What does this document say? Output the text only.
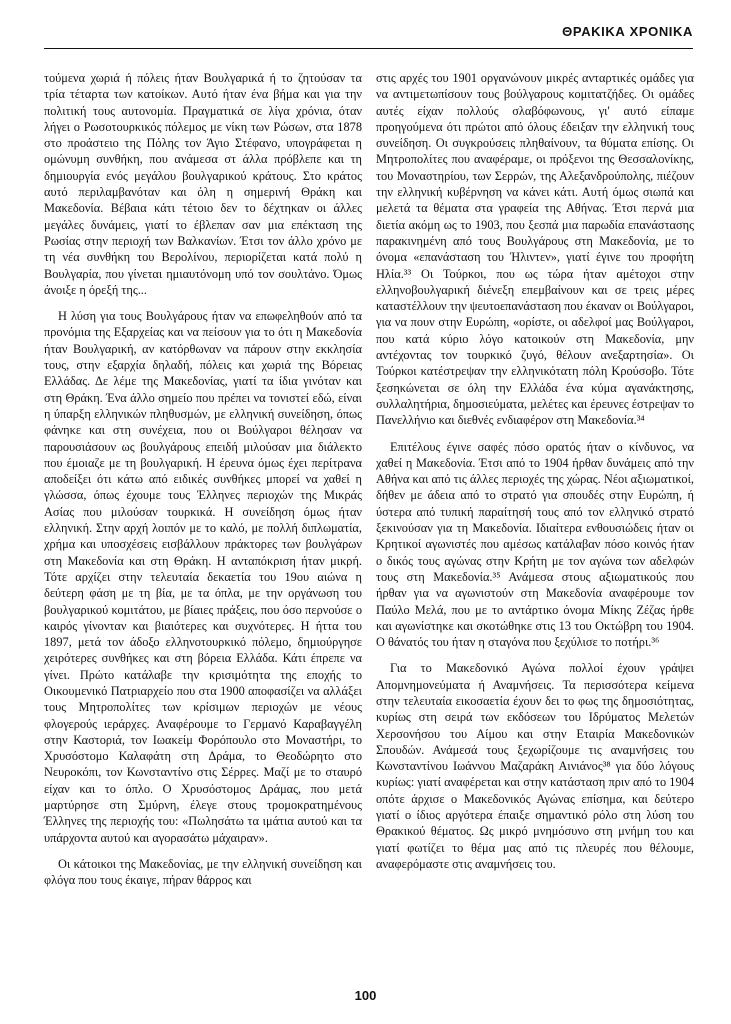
ΘΡΑΚΙΚΑ ΧΡΟΝΙΚΑ

τούμενα χωριά ή πόλεις ήταν Βουλγαρικά ή το ζητούσαν τα τρία τέταρτα των κατοίκων. Αυτό ήταν ένα βήμα και για την πολιτική τους αυτονομία. Πραγματικά σε λίγα χρόνια, όταν λήγει ο Ρωσοτουρκικός πόλεμος με νίκη των Ρώσων, στα 1878 στο προάστειο της Πόλης τον Άγιο Στέφανο, υπογράφεται η ομώνυμη συνθήκη, που ανάμεσα στ άλλα πρόβλεπε και τη δημιουργία ενός μεγάλου βουλγαρικού κράτους. Στο κράτος αυτό περιλαμβανόταν και όλη η σημερινή Θράκη και Μακεδονία. Βέβαια κάτι τέτοιο δεν το δέχτηκαν οι άλλες μεγάλες δυνάμεις, γιατί το έβλεπαν σαν μια επέκταση της Ρωσίας στην περιοχή των Βαλκανίων. Έτσι τον άλλο χρόνο με τη νέα συνθήκη του Βερολίνου, περιορίζεται κατά πολύ η Βουλγαρία, που γίνεται ημιαυτόνομη υπό τον σουλτάνο. Όμως άνοιξε η όρεξή της...

Η λύση για τους Βουλγάρους ήταν να επωφεληθούν από τα προνόμια της Εξαρχείας και να πείσουν για το ότι η Μακεδονία ήταν Βουλγαρική, αν κατόρθωναν να πάρουν στην εκκλησία τους, στην εξαρχία δηλαδή, πόλεις και χωριά της Βόρειας Ελλάδας. Δε λέμε της Μακεδονίας, γιατί τα ίδια γινόταν και στη Θράκη. Ένα άλλο σημείο που πρέπει να τονιστεί εδώ, είναι η ύπαρξη ελληνικών πληθυσμών, με ελληνική συνείδηση, όπως φάνηκε και στη συνέχεια, που οι Βούλγαροι θέλησαν να παρουσιάσουν ως βουλγάρους επειδή μιλούσαν μια διάλεκτο που έμοιαζε με τη βουλγαρική. Η έρευνα όμως έχει περίτρανα αποδείξει ότι κάτω από ειδικές συνθήκες μπορεί να χαθεί η γλώσσα, όπως έχουμε τους Έλληνες περιοχών της Μικράς Ασίας που μιλούσαν τουρκικά. Η συνείδηση όμως ήταν ελληνική. Στην αρχή λοιπόν με το καλό, με πολλή διπλωματία, χρήμα και υποσχέσεις εισβάλλουν πράκτορες των βουλγάρων στη Μακεδονία και στη Θράκη. Η ανταπόκριση ήταν μικρή. Τότε αρχίζει στην τελευταία δεκαετία του 19ου αιώνα η δεύτερη φάση με τη βία, με τα όπλα, με την οργάνωση του βουλγαρικού κομιτάτου, με βίαιες πράξεις, που όσο περνούσε ο καιρός γίνονταν και βιαιότερες και συχνότερες. Η ήττα του 1897, μετά τον άδοξο ελληνοτουρκικό πόλεμο, δημιούργησε χειρότερες συνθήκες και στη βόρεια Ελλάδα. Κάτι έπρεπε να γίνει. Πρώτο κατάλαβε την κρισιμότητα της εποχής το Οικουμενικό Πατριαρχείο που στα 1900 αποφασίζει να αλλάξει τους Μητροπολίτες των κρίσιμων περιοχών με νέους φλογερούς ιεράρχες. Αναφέρουμε το Γερμανό Καραβαγγέλη στην Καστοριά, τον Ιωακείμ Φορόπουλο στο Μοναστήρι, το Χρυσόστομο Καλαφάτη στη Δράμα, το Θεοδώρητο στο Νευροκόπι, τον Κωνσταντίνο στις Σέρρες. Μαζί με το σταυρό είχαν και το όπλο. Ο Χρυσόστομος Δράμας, που μετά μαρτύρησε στη Σμύρνη, έλεγε στους τρομοκρατημένους Έλληνες της περιοχής του: «Πωλησάτω τα ιμάτια αυτού και τα υπάρχοντα αυτού και αγορασάτω μάχαιραν».

Οι κάτοικοι της Μακεδονίας, με την ελληνική συνείδηση και φλόγα που τους έκαιγε, πήραν θάρρος και

στις αρχές του 1901 οργανώνουν μικρές ανταρτικές ομάδες για να αντιμετωπίσουν τους βούλγαρους κομιτατζήδες. Οι ομάδες αυτές είχαν πολλούς σλαβόφωνους, γι' αυτό είπαμε προηγούμενα ότι πρώτοι από όλους έδειξαν την ελληνική τους συνείδηση. Οι συγκρούσεις πληθαίνουν, τα θύματα επίσης. Οι Μητροπολίτες που αναφέραμε, οι πρόξενοι της Θεσσαλονίκης, του Μοναστηρίου, των Σερρών, της Αλεξανδρούπολης, πιέζουν την ελληνική κυβέρνηση να κάνει κάτι. Αυτή όμως σιωπά και μελετά τα θέματα στα γραφεία της Αθήνας. Έτσι περνά μια διετία ακόμη ως το 1903, που ξεσπά μια παρωδία επανάστασης παρακινημένη από τους Βουλγάρους στη Μακεδονία, με το όνομα «επανάσταση του Ήλιντεν», γιατί έγινε του προφήτη Ηλία.³³ Οι Τούρκοι, που ως τώρα ήταν αμέτοχοι στην ελληνοβουλγαρική διένεξη επεμβαίνουν και σε τρεις μέρες καταστέλλουν την ψευτοεπανάσταση που έκαναν οι Βούλγαροι, για να πουν στην Ευρώπη, «ορίστε, οι αδελφοί μας Βούλγαροι, που κατά κύριο λόγο κατοικούν στη Μακεδονία, μην αντέχοντας τον τουρκικό ζυγό, θέλουν ανεξαρτησία». Οι Τούρκοι κατέστρεψαν την ελληνικότατη πόλη Κρούσοβο. Τότε ξεσηκώνεται σε όλη την Ελλάδα ένα κύμα αγανάκτησης, συλλαλητήρια, δημοσιεύματα, μελέτες και έρευνες έστρεψαν το Πανελλήνιο και διεθνές ενδιαφέρον στη Μακεδονία.³⁴

Επιτέλους έγινε σαφές πόσο ορατός ήταν ο κίνδυνος, να χαθεί η Μακεδονία. Έτσι από το 1904 ήρθαν δυνάμεις από την Αθήνα και από τις άλλες περιοχές της χώρας. Νέοι αξιωματικοί, δήθεν με άδεια από το στρατό για σπουδές στην Ευρώπη, ή ύστερα από τυπική παραίτησή τους από τον ελληνικό στρατό ξεκινούσαν για τη Μακεδονία. Ιδιαίτερα ενθουσιώδεις ήταν οι Κρητικοί αγωνιστές που αμέσως κατάλαβαν πόσο κοινός ήταν ο δικός τους αγώνας στην Κρήτη με τον αγώνα των αδελφών τους στη Μακεδονία.³⁵ Ανάμεσα στους αξιωματικούς που ήρθαν για να αγωνιστούν στη Μακεδονία αναφέρουμε τον Παύλο Μελά, που με το αντάρτικο όνομα Μίκης Ζέζας ήρθε και αγωνίστηκε και σκοτώθηκε στις 13 του Οκτώβρη του 1904. Ο θάνατός του ήταν η σταγόνα που ξεχύλισε το ποτήρι.³⁶

Για το Μακεδονικό Αγώνα πολλοί έχουν γράψει Απομνημονεύματα ή Αναμνήσεις. Τα περισσότερα κείμενα στην τελευταία εικοσαετία έχουν δει το φως της δημοσιότητας, κυρίως στη σειρά των εκδόσεων του Ιδρύματος Μελετών Χερσονήσου του Αίμου και στην Εταιρία Μακεδονικών Σπουδών. Ανάμεσά τους ξεχωρίζουμε τις αναμνήσεις του Κωνσταντίνου Ιωάννου Μαζαράκη Αινιάνος³⁸ για δύο λόγους κυρίως: γιατί αναφέρεται και στην κατάσταση πριν από το 1904 οπότε άρχισε ο Μακεδονικός Αγώνας επίσημα, και δεύτερο γιατί ο ίδιος αργότερα έπαιξε σημαντικό ρόλο στη λύση του Θρακικού θέματος. Ως μικρό μνημόσυνο στη μνήμη του και γιατί φωτίζει το θέμα μας από τις πλευρές που θέλουμε, αναφερόμαστε στις αναμνήσεις του.

100
